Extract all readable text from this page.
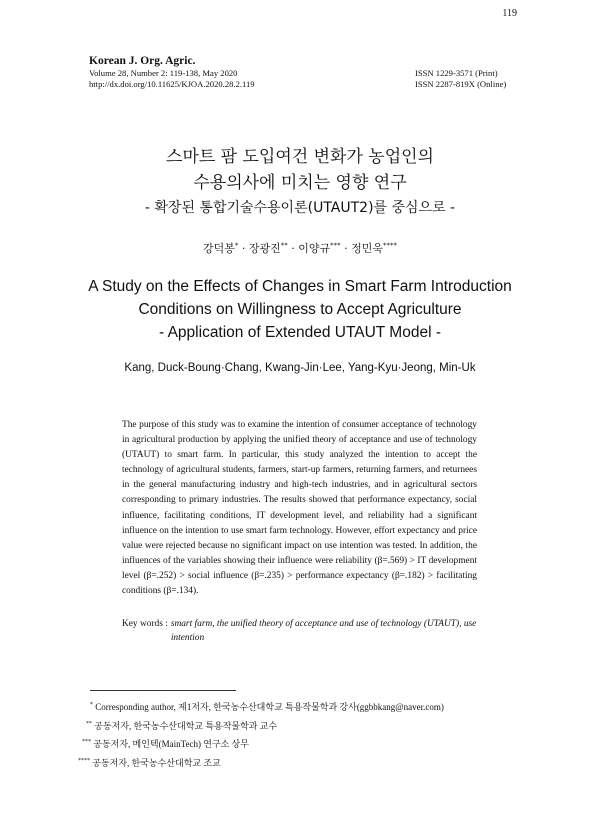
119
Korean J. Org. Agric.
Volume 28, Number 2: 119-138, May 2020	ISSN 1229-3571 (Print)
http://dx.doi.org/10.11625/KJOA.2020.28.2.119	ISSN 2287-819X (Online)
스마트 팜 도입여건 변화가 농업인의
수용의사에 미치는 영향 연구
- 확장된 통합기술수용이론(UTAUT2)를 중심으로 -
강덕봉* · 장광진** · 이양규*** · 정민욱****
A Study on the Effects of Changes in Smart Farm Introduction
Conditions on Willingness to Accept Agriculture
- Application of Extended UTAUT Model -
Kang, Duck-Boung·Chang, Kwang-Jin·Lee, Yang-Kyu·Jeong, Min-Uk
The purpose of this study was to examine the intention of consumer acceptance of technology in agricultural production by applying the unified theory of acceptance and use of technology (UTAUT) to smart farm. In particular, this study analyzed the intention to accept the technology of agricultural students, farmers, start-up farmers, returning farmers, and returnees in the general manufacturing industry and high-tech industries, and in agricultural sectors corresponding to primary industries. The results showed that performance expectancy, social influence, facilitating conditions, IT development level, and reliability had a significant influence on the intention to use smart farm technology. However, effort expectancy and price value were rejected because no significant impact on use intention was tested. In addition, the influences of the variables showing their influence were reliability (β=.569) > IT development level (β=.252) > social influence (β=.235) > performance expectancy (β=.182) > facilitating conditions (β=.134).
Key words : smart farm, the unified theory of acceptance and use of technology (UTAUT), use intention
* Corresponding author, 제1저자, 한국농수산대학교 특용작물학과 강사(ggbbkang@naver.com)
** 공동저자, 한국농수산대학교 특용작물학과 교수
*** 공동저자, 메인텍(MainTech) 연구소 상무
**** 공동저자, 한국농수산대학교 조교
